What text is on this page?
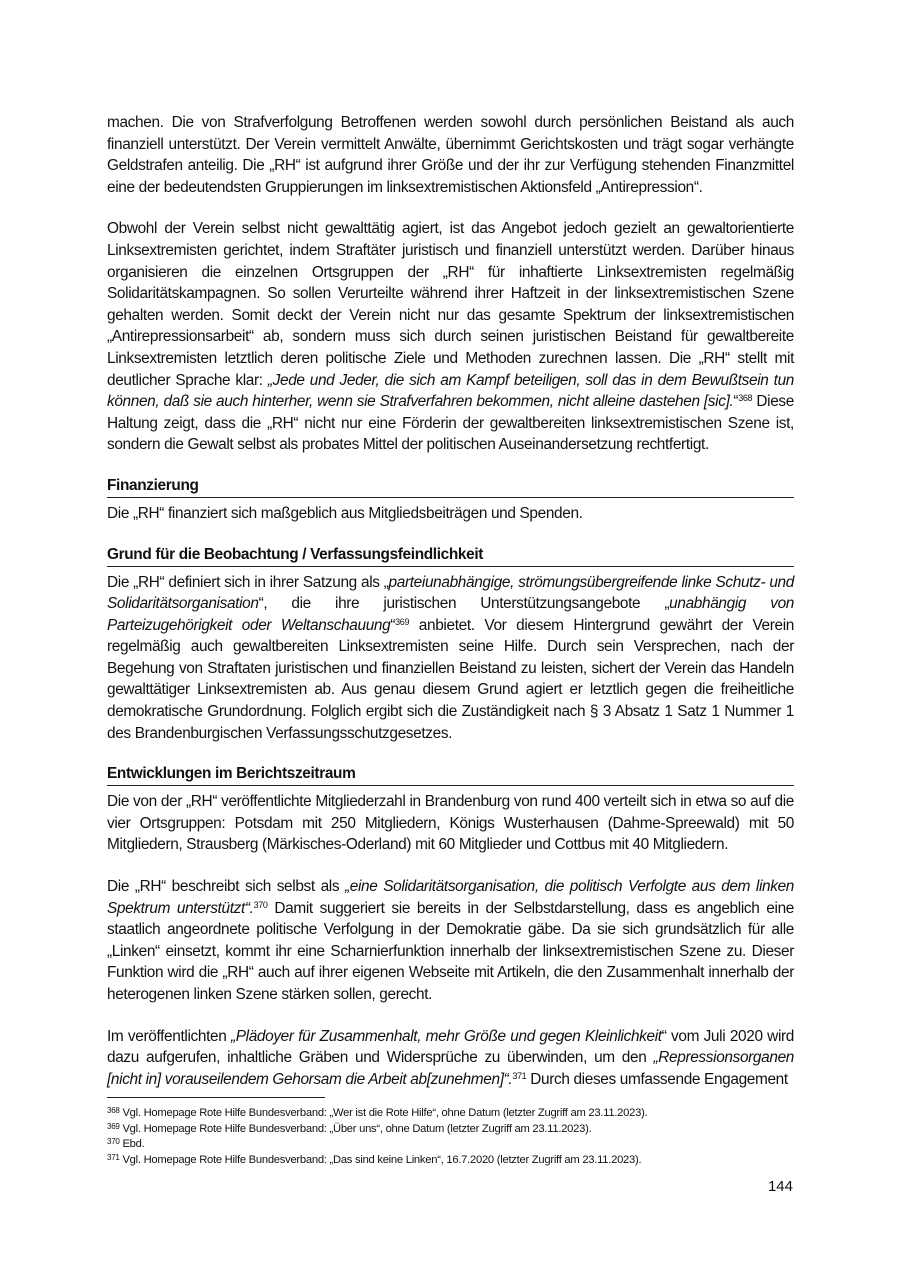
machen. Die von Strafverfolgung Betroffenen werden sowohl durch persönlichen Beistand als auch finanziell unterstützt. Der Verein vermittelt Anwälte, übernimmt Gerichtskosten und trägt sogar verhängte Geldstrafen anteilig. Die „RH“ ist aufgrund ihrer Größe und der ihr zur Verfügung stehenden Finanzmittel eine der bedeutendsten Gruppierungen im linksextremistischen Aktionsfeld „Antirepression“.

Obwohl der Verein selbst nicht gewalttätig agiert, ist das Angebot jedoch gezielt an gewaltorientierte Linksextremisten gerichtet, indem Straftäter juristisch und finanziell unterstützt werden. Darüber hinaus organisieren die einzelnen Ortsgruppen der „RH“ für inhaftierte Linksextremisten regelmäßig Solidaritätskampagnen. So sollen Verurteilte während ihrer Haftzeit in der linksextremistischen Szene gehalten werden. Somit deckt der Verein nicht nur das gesamte Spektrum der linksextremistischen „Antirepressionsarbeit“ ab, sondern muss sich durch seinen juristischen Beistand für gewaltbereite Linksextremisten letztlich deren politische Ziele und Methoden zurechnen lassen. Die „RH“ stellt mit deutlicher Sprache klar: „Jede und Jeder, die sich am Kampf beteiligen, soll das in dem Bewußtsein tun können, daß sie auch hinterher, wenn sie Strafverfahren bekommen, nicht alleine dastehen [sic].“$^{368}$ Diese Haltung zeigt, dass die „RH“ nicht nur eine Förderin der gewaltbereiten linksextremistischen Szene ist, sondern die Gewalt selbst als probates Mittel der politischen Auseinandersetzung rechtfertigt.

Finanzierung

Die „RH“ finanziert sich maßgeblich aus Mitgliedsbeiträgen und Spenden.

Grund für die Beobachtung / Verfassungsfeindlichkeit

Die „RH“ definiert sich in ihrer Satzung als „parteiunabhängige, strömungsübergreifende linke Schutz- und Solidaritätsorganisation“, die ihre juristischen Unterstützungsangebote „unabhängig von Parteizugehörigkeit oder Weltanschauung“$^{369}$ anbietet. Vor diesem Hintergrund gewährt der Verein regelmäßig auch gewaltbereiten Linksextremisten seine Hilfe. Durch sein Versprechen, nach der Begehung von Straftaten juristischen und finanziellen Beistand zu leisten, sichert der Verein das Handeln gewalttätiger Linksextremisten ab. Aus genau diesem Grund agiert er letztlich gegen die freiheitliche demokratische Grundordnung. Folglich ergibt sich die Zuständigkeit nach § 3 Absatz 1 Satz 1 Nummer 1 des Brandenburgischen Verfassungsschutzgesetzes.

Entwicklungen im Berichtszeitraum

Die von der „RH“ veröffentlichte Mitgliederzahl in Brandenburg von rund 400 verteilt sich in etwa so auf die vier Ortsgruppen: Potsdam mit 250 Mitgliedern, Königs Wusterhausen (Dahme-Spreewald) mit 50 Mitgliedern, Strausberg (Märkisches-Oderland) mit 60 Mitglieder und Cottbus mit 40 Mitgliedern.

Die „RH“ beschreibt sich selbst als „eine Solidaritätsorganisation, die politisch Verfolgte aus dem linken Spektrum unterstützt“.$^{370}$ Damit suggeriert sie bereits in der Selbstdarstellung, dass es angeblich eine staatlich angeordnete politische Verfolgung in der Demokratie gäbe. Da sie sich grundsätzlich für alle „Linken“ einsetzt, kommt ihr eine Scharnierfunktion innerhalb der linksextremistischen Szene zu. Dieser Funktion wird die „RH“ auch auf ihrer eigenen Webseite mit Artikeln, die den Zusammenhalt innerhalb der heterogenen linken Szene stärken sollen, gerecht.

Im veröffentlichten „Plädoyer für Zusammenhalt, mehr Größe und gegen Kleinlichkeit“ vom Juli 2020 wird dazu aufgerufen, inhaltliche Gräben und Widersprüche zu überwinden, um den „Repressionsorganen [nicht in] vorauseilendem Gehorsam die Arbeit ab[zunehmen]“.$^{371}$ Durch dieses umfassende Engagement

$^{368}$ Vgl. Homepage Rote Hilfe Bundesverband: „Wer ist die Rote Hilfe“, ohne Datum (letzter Zugriff am 23.11.2023).
$^{369}$ Vgl. Homepage Rote Hilfe Bundesverband: „Über uns“, ohne Datum (letzter Zugriff am 23.11.2023).
$^{370}$ Ebd.
$^{371}$ Vgl. Homepage Rote Hilfe Bundesverband: „Das sind keine Linken“, 16.7.2020 (letzter Zugriff am 23.11.2023).
144
